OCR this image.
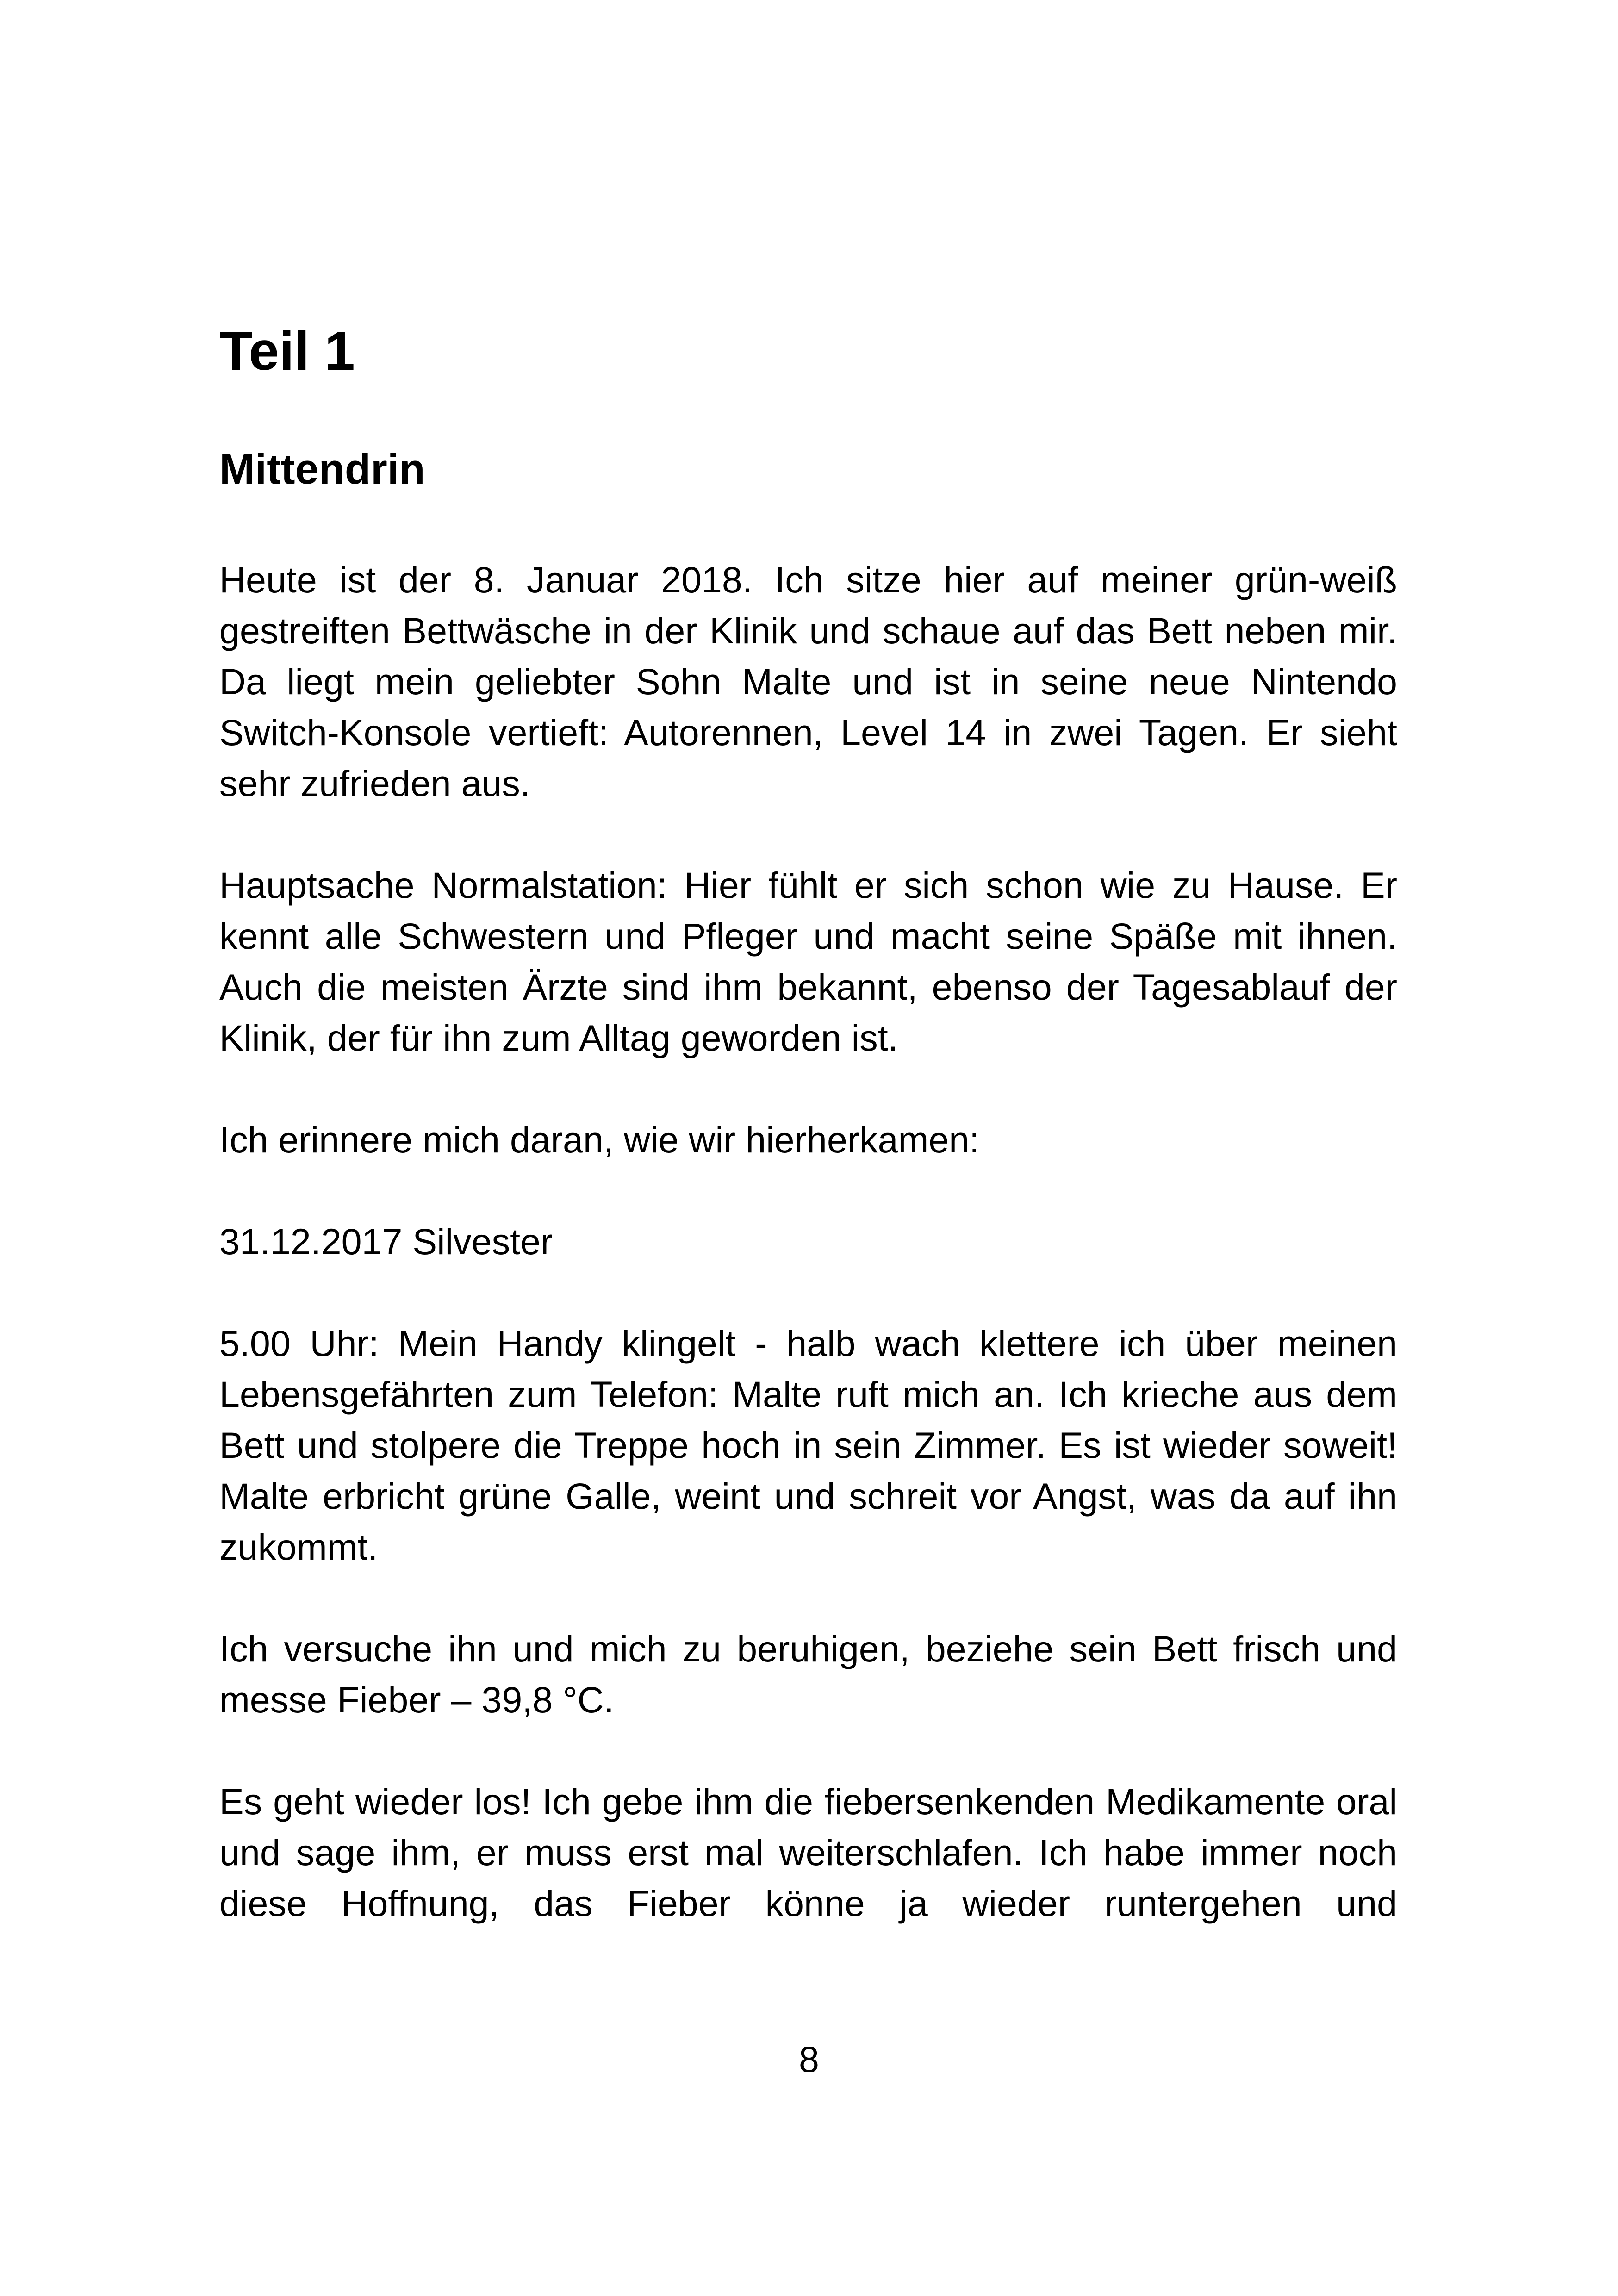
Teil 1
Mittendrin

Heute ist der 8. Januar 2018. Ich sitze hier auf meiner grün-weiß gestreiften Bettwäsche in der Klinik und schaue auf das Bett neben mir. Da liegt mein geliebter Sohn Malte und ist in seine neue Nintendo Switch-Konsole vertieft: Autorennen, Level 14 in zwei Tagen. Er sieht sehr zufrieden aus.

Hauptsache Normalstation: Hier fühlt er sich schon wie zu Hause. Er kennt alle Schwestern und Pfleger und macht seine Späße mit ihnen. Auch die meisten Ärzte sind ihm bekannt, ebenso der Tagesablauf der Klinik, der für ihn zum Alltag geworden ist.

Ich erinnere mich daran, wie wir hierherkamen:

31.12.2017 Silvester

5.00 Uhr: Mein Handy klingelt - halb wach klettere ich über meinen Lebensgefährten zum Telefon: Malte ruft mich an. Ich krieche aus dem Bett und stolpere die Treppe hoch in sein Zimmer. Es ist wieder soweit! Malte erbricht grüne Galle, weint und schreit vor Angst, was da auf ihn zukommt.

Ich versuche ihn und mich zu beruhigen, beziehe sein Bett frisch und messe Fieber – 39,8 °C.

Es geht wieder los! Ich gebe ihm die fiebersenkenden Medikamente oral und sage ihm, er muss erst mal weiterschlafen. Ich habe immer noch diese Hoffnung, das Fieber könne ja wieder runtergehen und

8
